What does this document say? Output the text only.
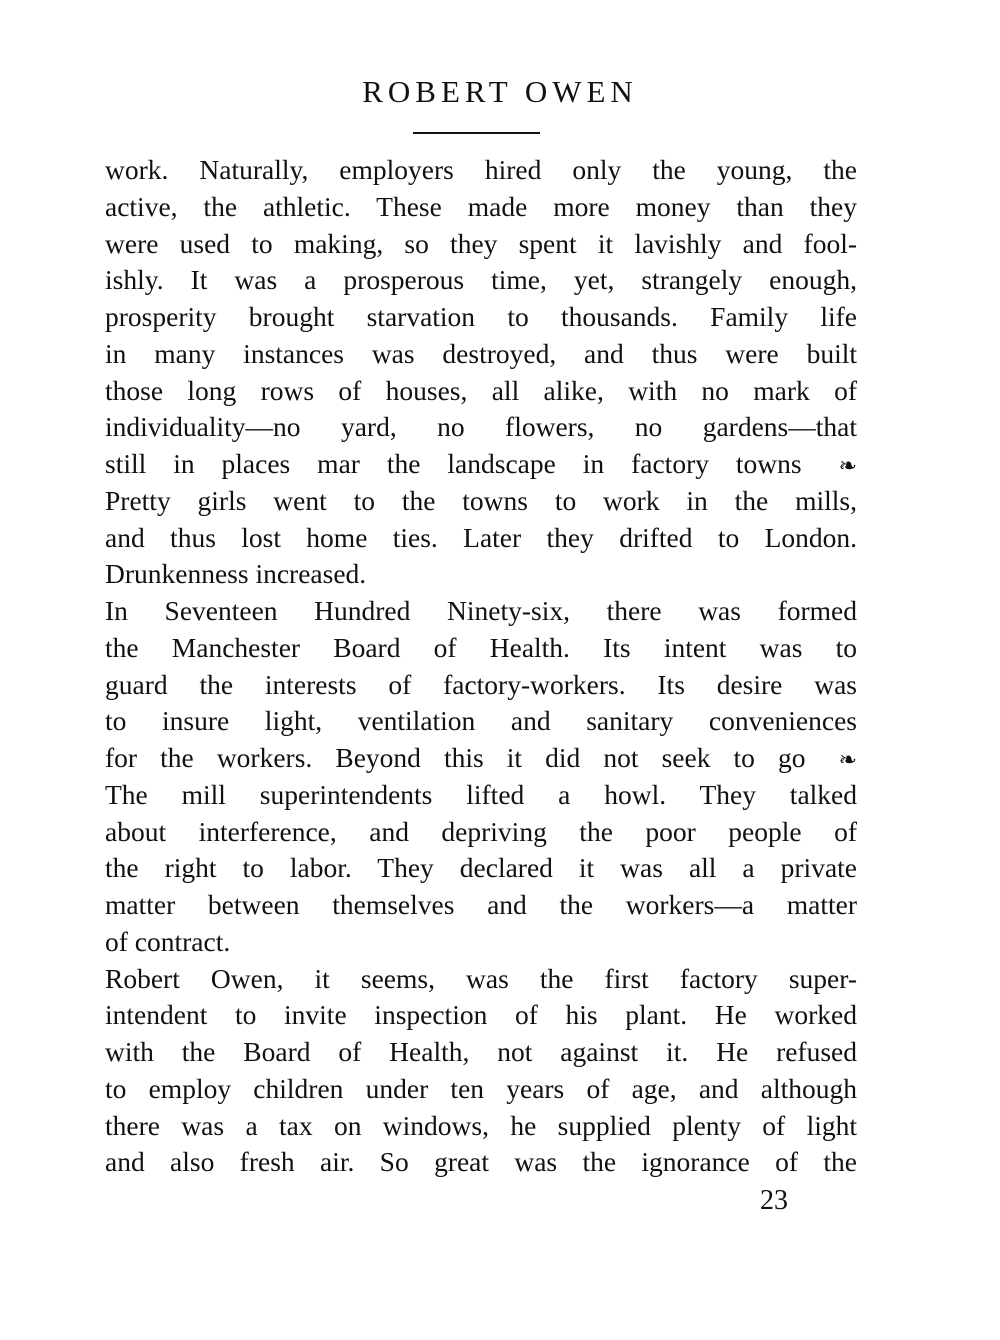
ROBERT OWEN
work. Naturally, employers hired only the young, the
active, the athletic. These made more money than they
were used to making, so they spent it lavishly and fool-
ishly. It was a prosperous time, yet, strangely enough,
prosperity brought starvation to thousands. Family life
in many instances was destroyed, and thus were built
those long rows of houses, all alike, with no mark of
individuality—no yard, no flowers, no gardens—that
still in places mar the landscape in factory towns ❧
Pretty girls went to the towns to work in the mills,
and thus lost home ties. Later they drifted to London.
Drunkenness increased.
In Seventeen Hundred Ninety-six, there was formed
the Manchester Board of Health. Its intent was to
guard the interests of factory-workers. Its desire was
to insure light, ventilation and sanitary conveniences
for the workers. Beyond this it did not seek to go ❧
The mill superintendents lifted a howl. They talked
about interference, and depriving the poor people of
the right to labor. They declared it was all a private
matter between themselves and the workers—a matter
of contract.
Robert Owen, it seems, was the first factory super-
intendent to invite inspection of his plant. He worked
with the Board of Health, not against it. He refused
to employ children under ten years of age, and although
there was a tax on windows, he supplied plenty of light
and also fresh air. So great was the ignorance of the
23
